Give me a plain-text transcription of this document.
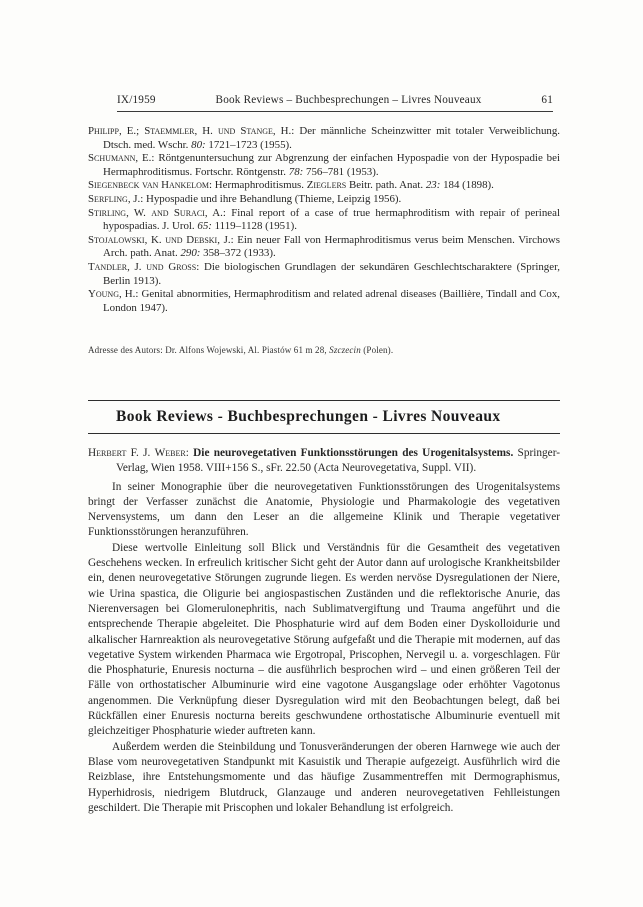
IX/1959	Book Reviews – Buchbesprechungen – Livres Nouveaux	61
Philipp, E.; Staemmler, H. und Stange, H.: Der männliche Scheinzwitter mit totaler Verweiblichung. Dtsch. med. Wschr. 80: 1721–1723 (1955).
Schumann, E.: Röntgenuntersuchung zur Abgrenzung der einfachen Hypospadie von der Hypospadie bei Hermaphroditismus. Fortschr. Röntgenstr. 78: 756–781 (1953).
Siegenbeck van Hankelom: Hermaphroditismus. Zieglers Beitr. path. Anat. 23: 184 (1898).
Serfling, J.: Hypospadie und ihre Behandlung (Thieme, Leipzig 1956).
Stirling, W. and Suraci, A.: Final report of a case of true hermaphroditism with repair of perineal hypospadias. J. Urol. 65: 1119–1128 (1951).
Stojalowski, K. und Debski, J.: Ein neuer Fall von Hermaphroditismus verus beim Menschen. Virchows Arch. path. Anat. 290: 358–372 (1933).
Tandler, J. und Gross: Die biologischen Grundlagen der sekundären Geschlechtscharaktere (Springer, Berlin 1913).
Young, H.: Genital abnormities, Hermaphroditism and related adrenal diseases (Baillière, Tindall and Cox, London 1947).
Adresse des Autors: Dr. Alfons Wojewski, Al. Piastów 61 m 28, Szczecin (Polen).
Book Reviews - Buchbesprechungen - Livres Nouveaux

Herbert F. J. Weber: Die neurovegetativen Funktionsstörungen des Urogenitalsystems. Springer-Verlag, Wien 1958. VIII+156 S., sFr. 22.50 (Acta Neurovegetativa, Suppl. VII).

In seiner Monographie über die neurovegetativen Funktionsstörungen des Urogenitalsystems bringt der Verfasser zunächst die Anatomie, Physiologie und Pharmakologie des vegetativen Nervensystems, um dann den Leser an die allgemeine Klinik und Therapie vegetativer Funktionsstörungen heranzuführen.

Diese wertvolle Einleitung soll Blick und Verständnis für die Gesamtheit des vegetativen Geschehens wecken. In erfreulich kritischer Sicht geht der Autor dann auf urologische Krankheitsbilder ein, denen neurovegetative Störungen zugrunde liegen. Es werden nervöse Dysregulationen der Niere, wie Urina spastica, die Oligurie bei angiospastischen Zuständen und die reflektorische Anurie, das Nierenversagen bei Glomerulonephritis, nach Sublimatvergiftung und Trauma angeführt und die entsprechende Therapie abgeleitet. Die Phosphaturie wird auf dem Boden einer Dyskolloidurie und alkalischer Harnreaktion als neurovegetative Störung aufgefaßt und die Therapie mit modernen, auf das vegetative System wirkenden Pharmaca wie Ergotropal, Priscophen, Nervegil u. a. vorgeschlagen. Für die Phosphaturie, Enuresis nocturna – die ausführlich besprochen wird – und einen größeren Teil der Fälle von orthostatischer Albuminurie wird eine vagotone Ausgangslage oder erhöhter Vagotonus angenommen. Die Verknüpfung dieser Dysregulation wird mit den Beobachtungen belegt, daß bei Rückfällen einer Enuresis nocturna bereits geschwundene orthostatische Albuminurie eventuell mit gleichzeitiger Phosphaturie wieder auftreten kann.

Außerdem werden die Steinbildung und Tonusveränderungen der oberen Harnwege wie auch der Blase vom neurovegetativen Standpunkt mit Kasuistik und Therapie aufgezeigt. Ausführlich wird die Reizblase, ihre Entstehungsmomente und das häufige Zusammentreffen mit Dermographismus, Hyperhidrosis, niedrigem Blutdruck, Glanzauge und anderen neurovegetativen Fehlleistungen geschildert. Die Therapie mit Priscophen und lokaler Behandlung ist erfolgreich.
